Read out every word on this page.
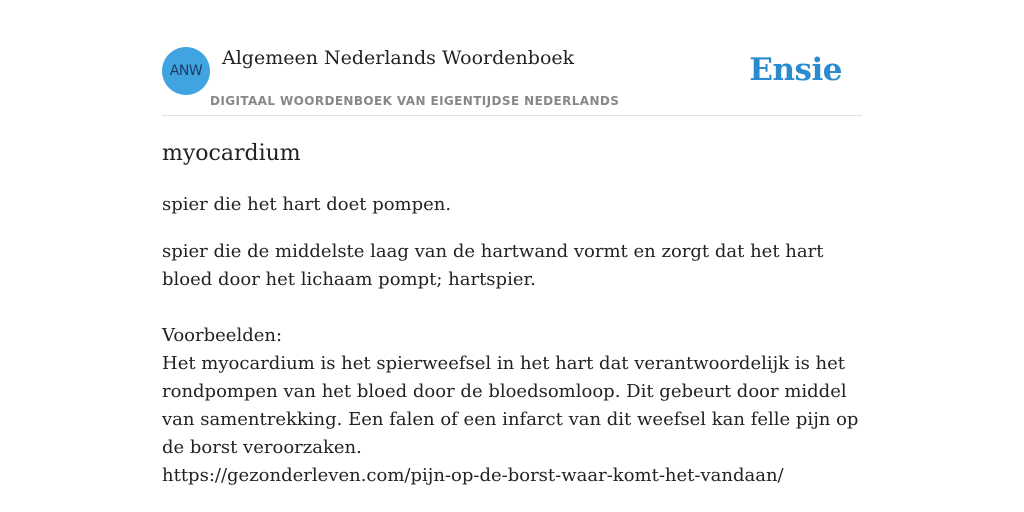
ANW
Algemeen Nederlands Woordenboek
DIGITAAL WOORDENBOEK VAN EIGENTIJDSE NEDERLANDS
Ensie
myocardium

spier die het hart doet pompen.

spier die de middelste laag van de hartwand vormt en zorgt dat het hart bloed door het lichaam pompt; hartspier.

Voorbeelden:

Het myocardium is het spierweefsel in het hart dat verantwoordelijk is het rondpompen van het bloed door de bloedsomloop. Dit gebeurt door middel van samentrekking. Een falen of een infarct van dit weefsel kan felle pijn op de borst veroorzaken.

https://gezonderleven.com/pijn-op-de-borst-waar-komt-het-vandaan/
